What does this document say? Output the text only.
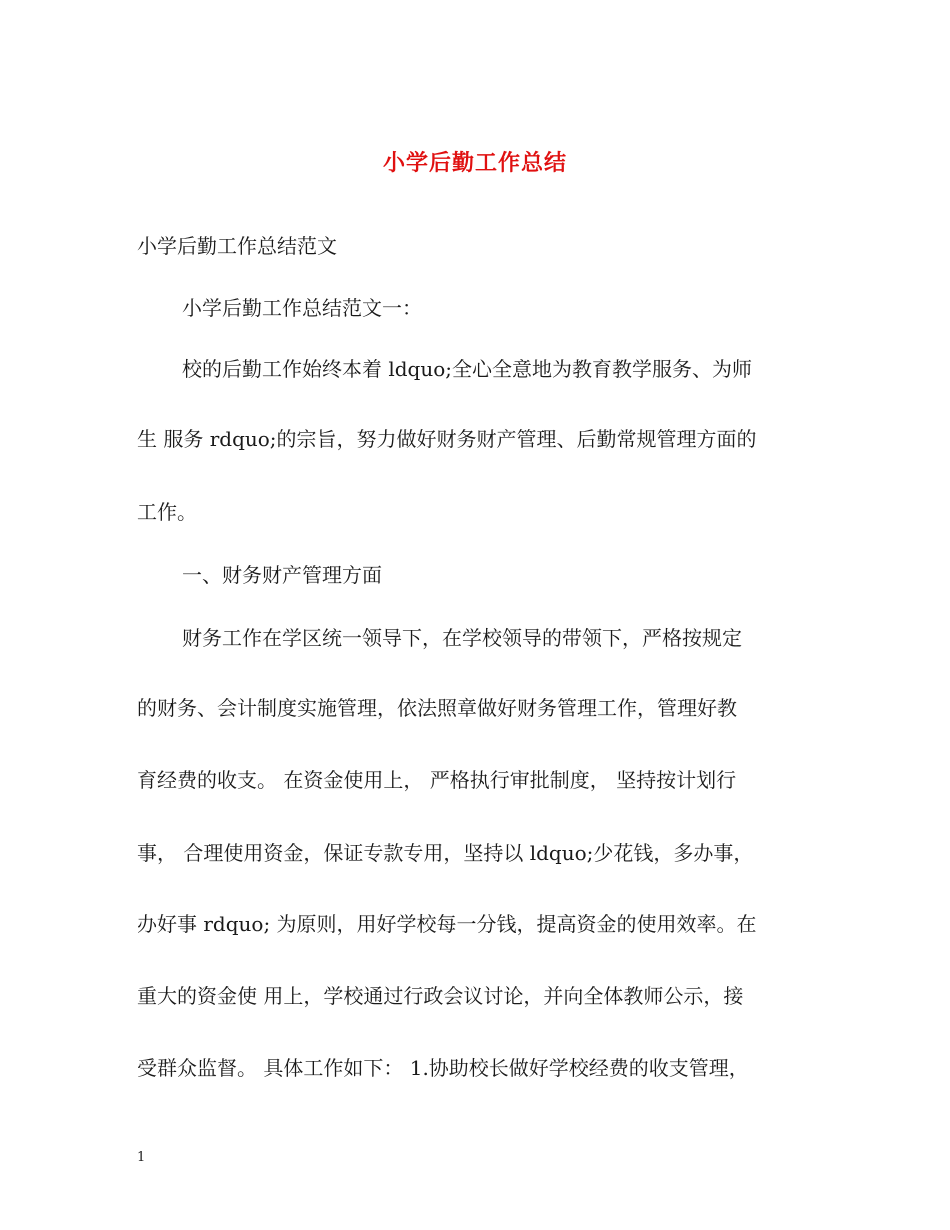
小学后勤工作总结
小学后勤工作总结范文
小学后勤工作总结范文一：
校的后勤工作始终本着 ldquo;全心全意地为教育教学服务、为师
生 服务 rdquo;的宗旨，努力做好财务财产管理、后勤常规管理方面的
工作。
一、财务财产管理方面
财务工作在学区统一领导下，在学校领导的带领下，严格按规定
的财务、会计制度实施管理，依法照章做好财务管理工作，管理好教
育经费的收支。 在资金使用上， 严格执行审批制度， 坚持按计划行
事， 合理使用资金，保证专款专用，坚持以 ldquo;少花钱，多办事，
办好事 rdquo; 为原则，用好学校每一分钱，提高资金的使用效率。在
重大的资金使 用上，学校通过行政会议讨论，并向全体教师公示，接
受群众监督。 具体工作如下： 1.协助校长做好学校经费的收支管理，
1
